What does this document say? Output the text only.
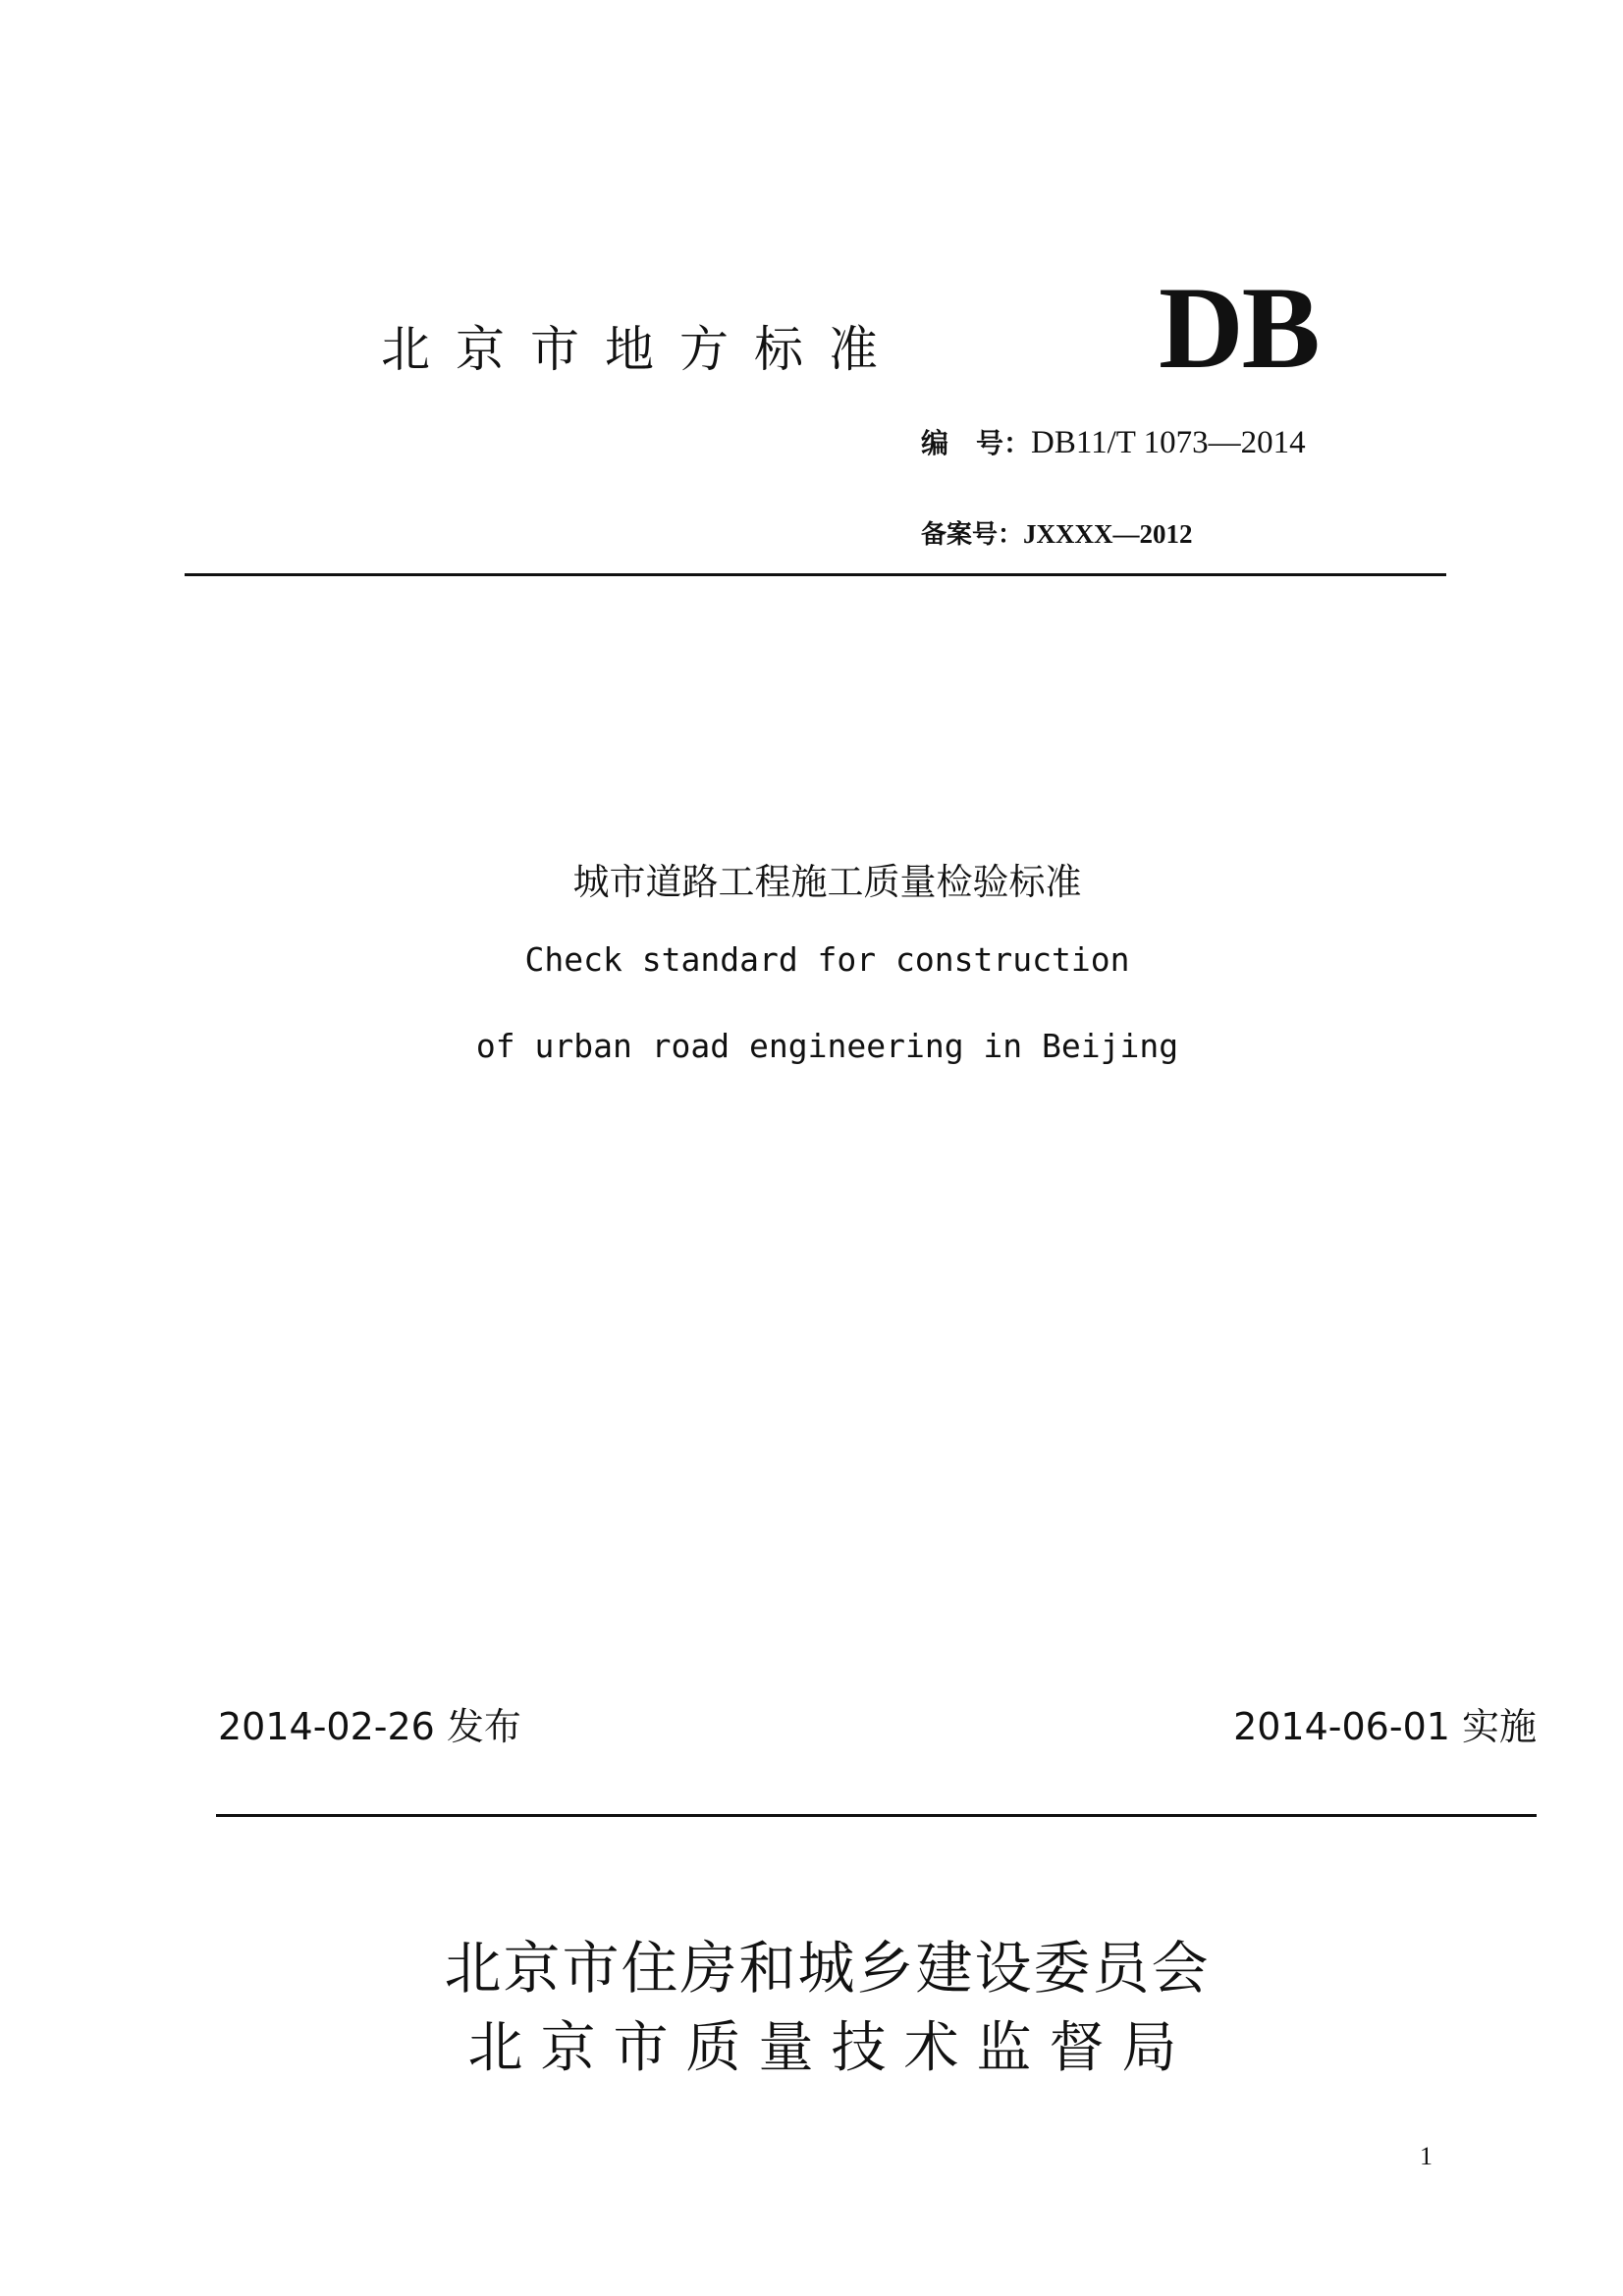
北京市地方标准 DB
编　号：DB11/T 1073—2014
备案号：JXXXX—2012
城市道路工程施工质量检验标准
Check standard for construction
of urban road engineering in Beijing
2014-02-26 发布	2014-06-01 实施
北京市住房和城乡建设委员会
北京市质量技术监督局
1
